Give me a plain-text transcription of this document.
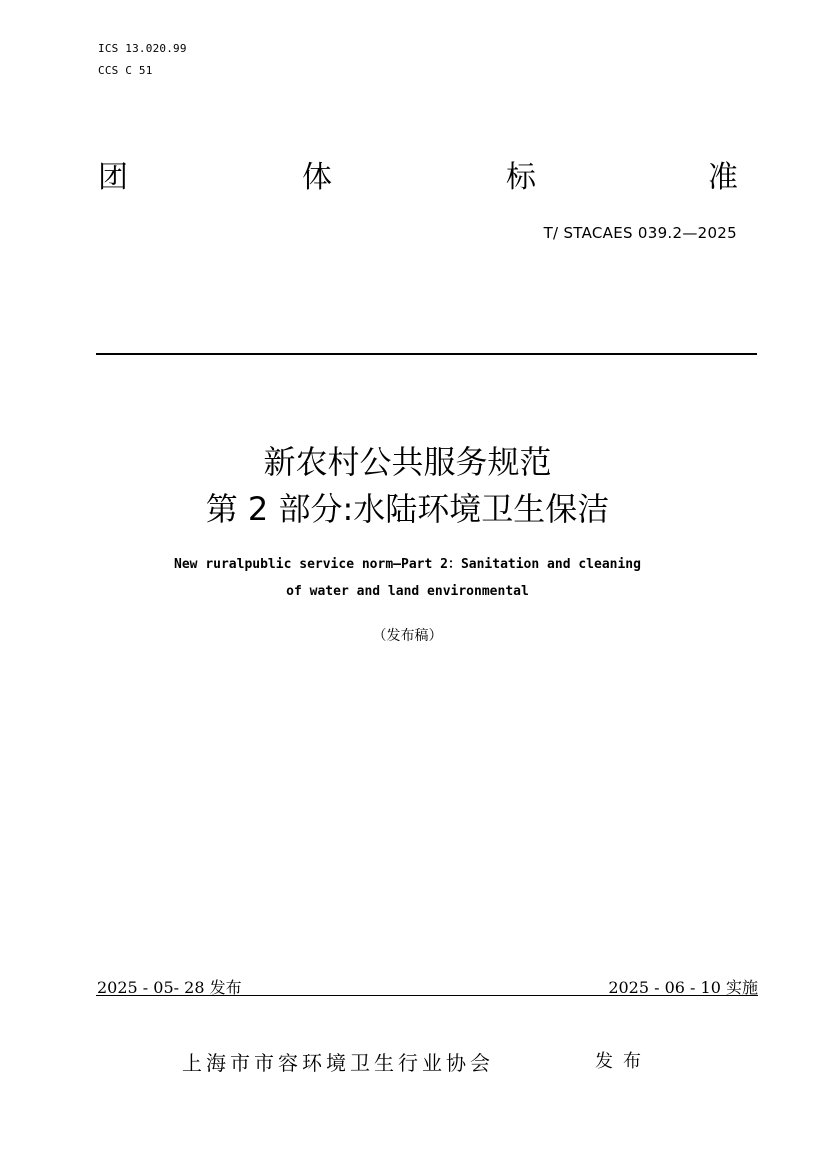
ICS 13.020.99
CCS C 51
团	体	标	准
T/ STACAES 039.2—2025
新农村公共服务规范
第 2 部分:水陆环境卫生保洁
New ruralpublic service norm—Part 2：Sanitation and cleaning
of water and land environmental
（发布稿）
2025 - 05- 28 发布	2025 - 06 - 10 实施
上海市市容环境卫生行业协会	发布
